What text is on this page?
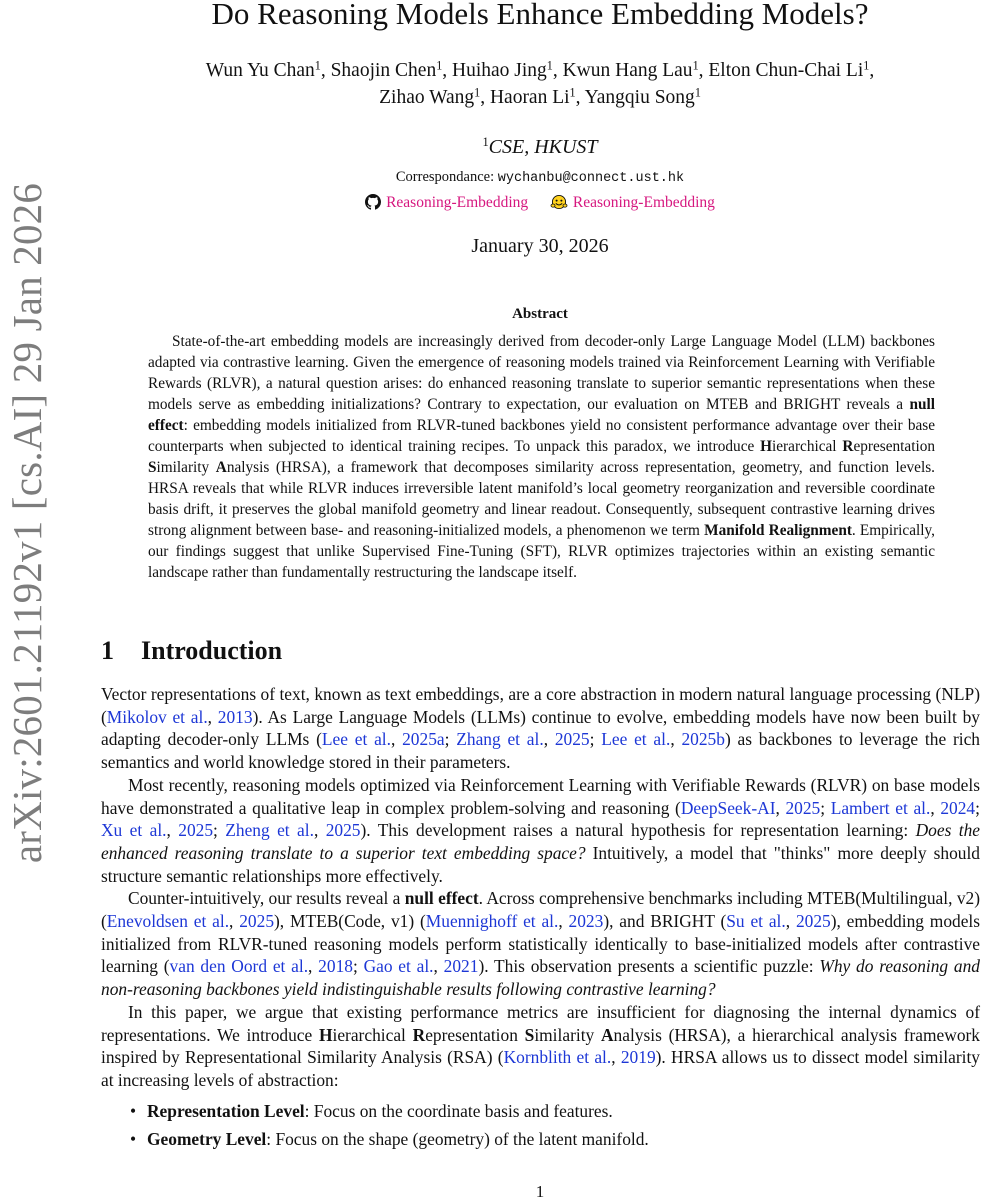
arXiv:2601.21192v1 [cs.AI] 29 Jan 2026
Do Reasoning Models Enhance Embedding Models?
Wun Yu Chan$^1$, Shaojin Chen$^1$, Huihao Jing$^1$, Kwun Hang Lau$^1$, Elton Chun-Chai Li$^1$,
Zihao Wang$^1$, Haoran Li$^1$, Yangqiu Song$^1$
$^1$CSE, HKUST
Correspondance: wychanbu@connect.ust.hk
Reasoning-Embedding	Reasoning-Embedding
January 30, 2026
Abstract

State-of-the-art embedding models are increasingly derived from decoder-only Large Language Model (LLM) backbones adapted via contrastive learning. Given the emergence of reasoning models trained via Reinforcement Learning with Verifiable Rewards (RLVR), a natural question arises: do enhanced reasoning translate to superior semantic representations when these models serve as embedding initializations? Contrary to expectation, our evaluation on MTEB and BRIGHT reveals a null effect: embedding models initialized from RLVR-tuned backbones yield no consistent performance advantage over their base counterparts when subjected to identical training recipes. To unpack this paradox, we introduce Hierarchical Representation Similarity Analysis (HRSA), a framework that decomposes similarity across representation, geometry, and function levels. HRSA reveals that while RLVR induces irreversible latent manifold’s local geometry reorganization and reversible coordinate basis drift, it preserves the global manifold geometry and linear readout. Consequently, subsequent contrastive learning drives strong alignment between base- and reasoning-initialized models, a phenomenon we term Manifold Realignment. Empirically, our findings suggest that unlike Supervised Fine-Tuning (SFT), RLVR optimizes trajectories within an existing semantic landscape rather than fundamentally restructuring the landscape itself.

1 Introduction

Vector representations of text, known as text embeddings, are a core abstraction in modern natural language processing (NLP) (Mikolov et al., 2013). As Large Language Models (LLMs) continue to evolve, embedding models have now been built by adapting decoder-only LLMs (Lee et al., 2025a; Zhang et al., 2025; Lee et al., 2025b) as backbones to leverage the rich semantics and world knowledge stored in their parameters.

Most recently, reasoning models optimized via Reinforcement Learning with Verifiable Rewards (RLVR) on base models have demonstrated a qualitative leap in complex problem-solving and reasoning (DeepSeek-AI, 2025; Lambert et al., 2024; Xu et al., 2025; Zheng et al., 2025). This development raises a natural hypothesis for representation learning: Does the enhanced reasoning translate to a superior text embedding space? Intuitively, a model that "thinks" more deeply should structure semantic relationships more effectively.

Counter-intuitively, our results reveal a null effect. Across comprehensive benchmarks including MTEB(Multilingual, v2) (Enevoldsen et al., 2025), MTEB(Code, v1) (Muennighoff et al., 2023), and BRIGHT (Su et al., 2025), embedding models initialized from RLVR-tuned reasoning models perform statistically identically to base-initialized models after contrastive learning (van den Oord et al., 2018; Gao et al., 2021). This observation presents a scientific puzzle: Why do reasoning and non-reasoning backbones yield indistinguishable results following contrastive learning?

In this paper, we argue that existing performance metrics are insufficient for diagnosing the internal dynamics of representations. We introduce Hierarchical Representation Similarity Analysis (HRSA), a hierarchical analysis framework inspired by Representational Similarity Analysis (RSA) (Kornblith et al., 2019). HRSA allows us to dissect model similarity at increasing levels of abstraction:

• Representation Level: Focus on the coordinate basis and features.
• Geometry Level: Focus on the shape (geometry) of the latent manifold.
1
